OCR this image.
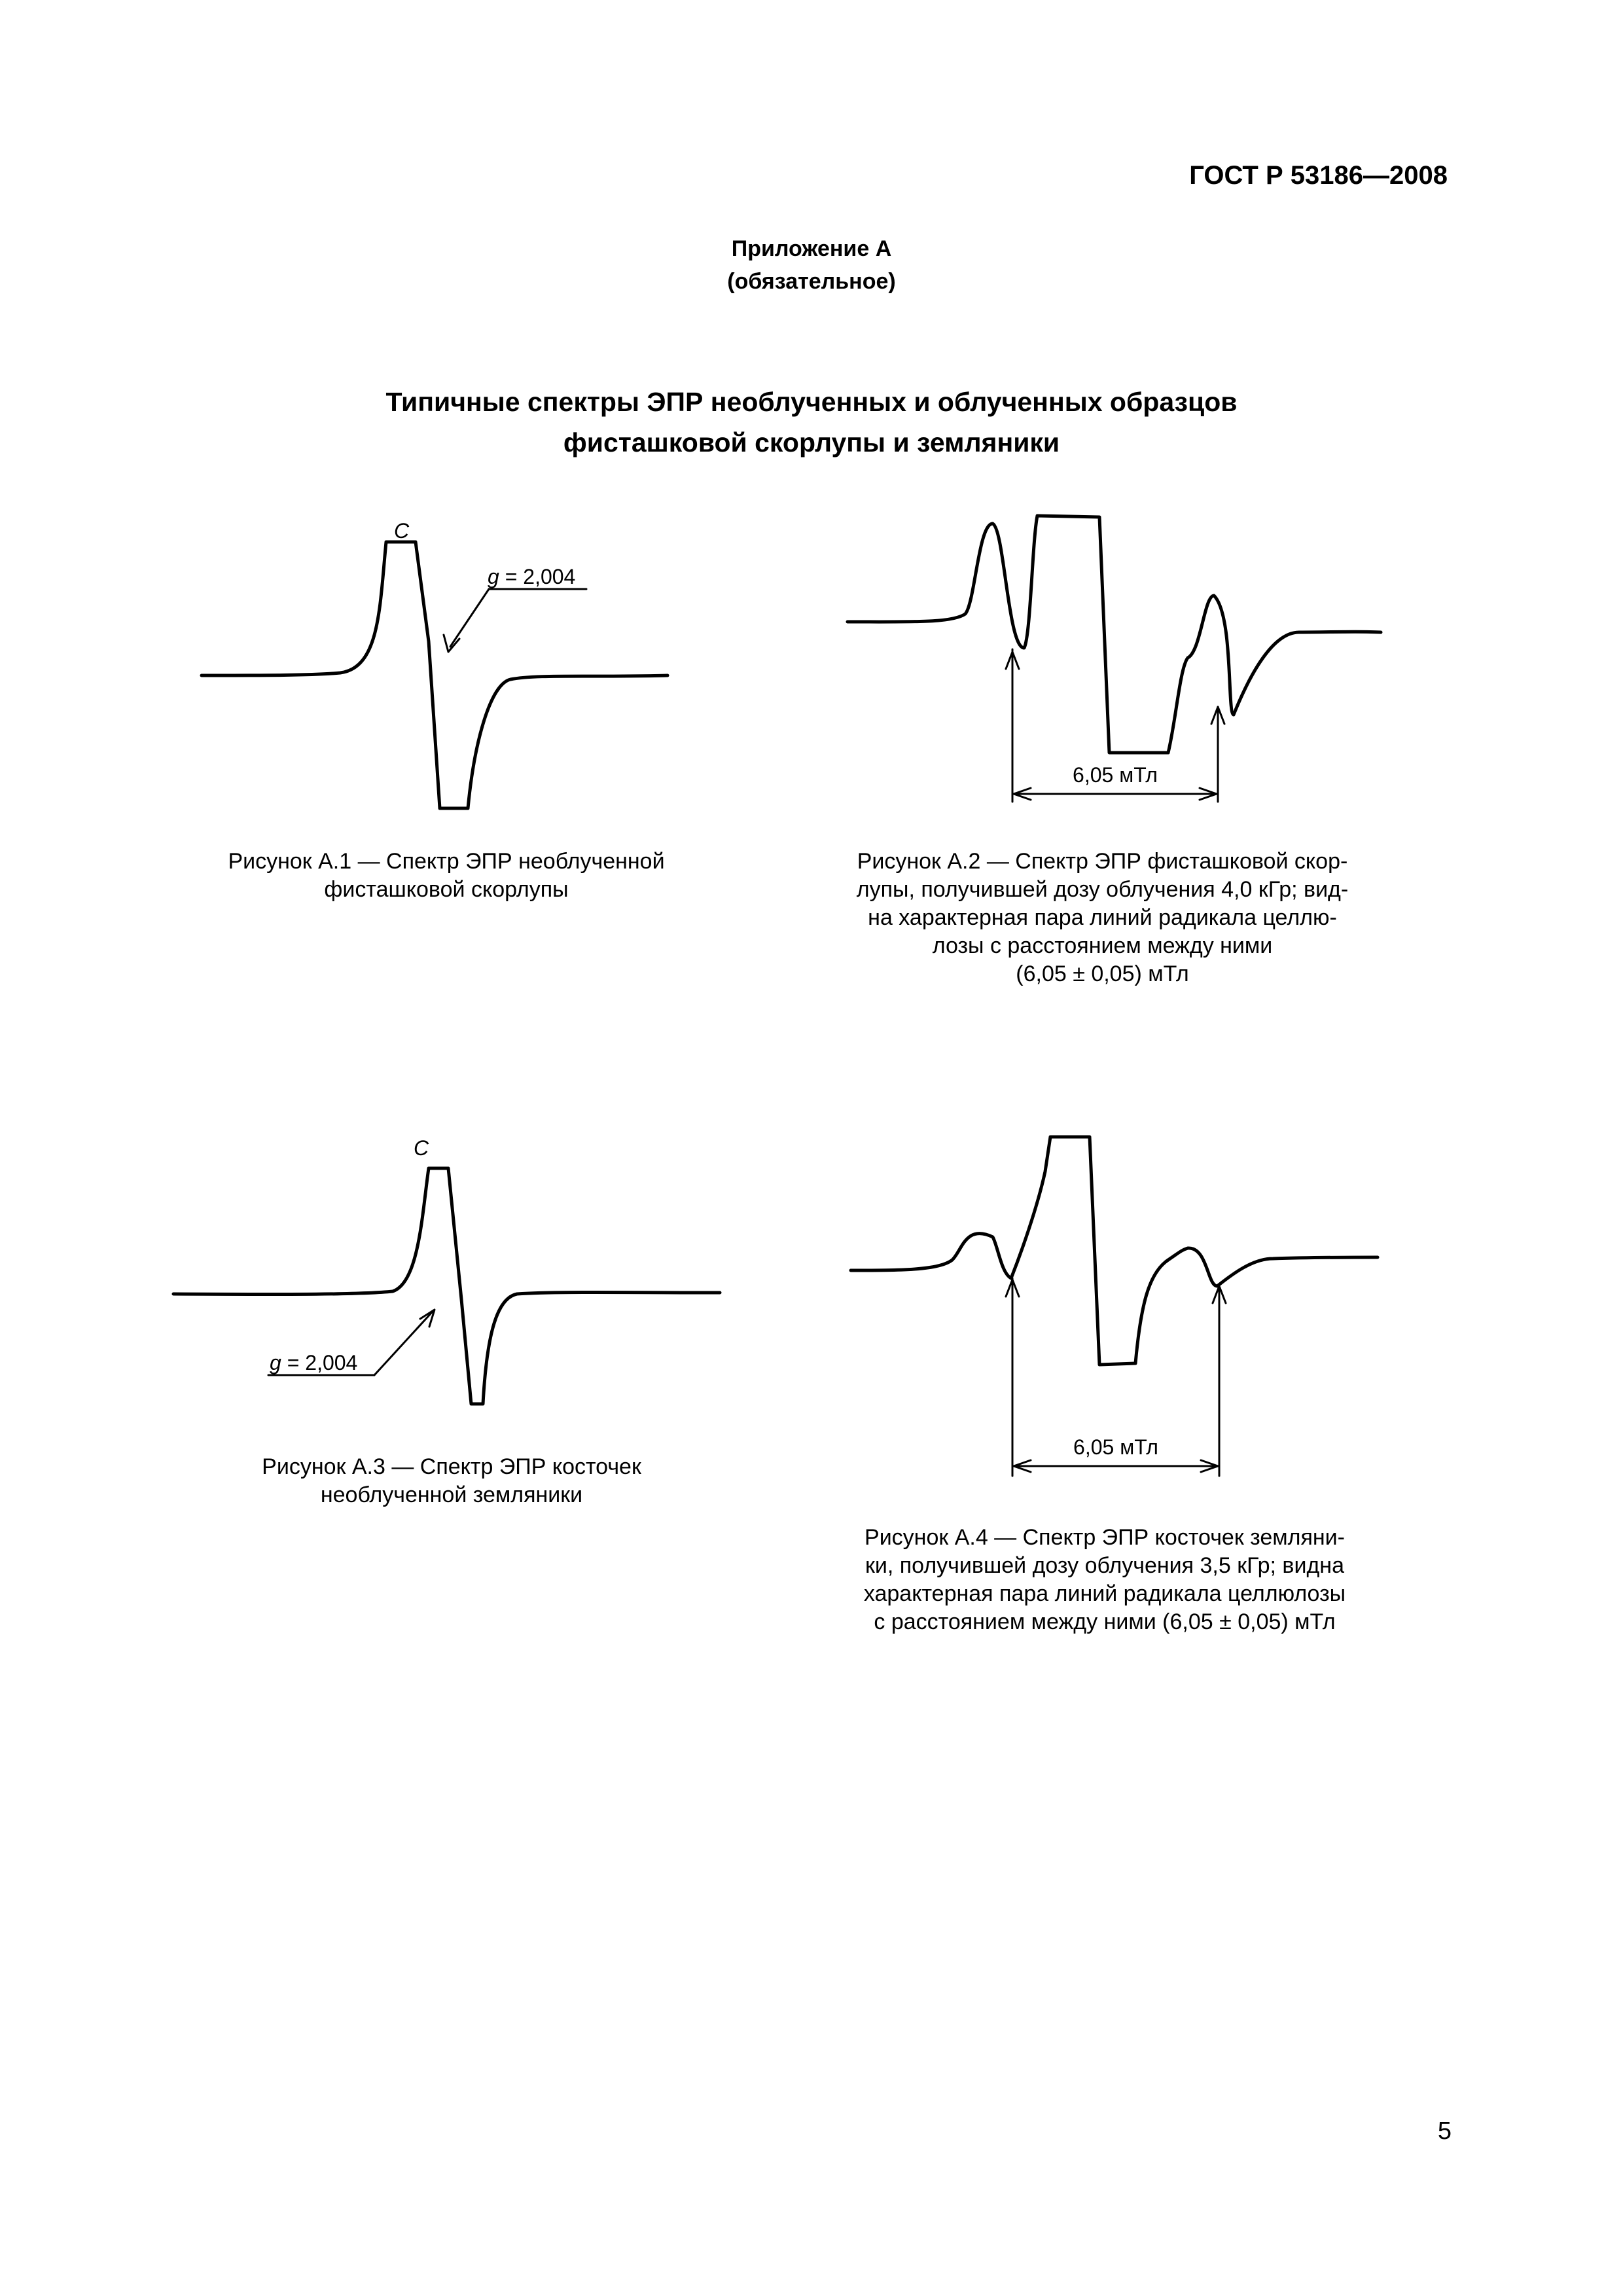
ГОСТ Р 53186—2008
Приложение А
(обязательное)
Типичные спектры ЭПР необлученных и облученных образцов
фисташковой скорлупы и земляники
C
g = 2,004
Рисунок А.1 — Спектр ЭПР необлученной
фисташковой скорлупы
6,05 мТл
Рисунок А.2 — Спектр ЭПР фисташковой скор-
лупы, получившей дозу облучения 4,0 кГр; вид-
на характерная пара линий радикала целлю-
лозы с расстоянием между ними
(6,05 ± 0,05) мТл
C
g = 2,004
Рисунок А.3 — Спектр ЭПР косточек
необлученной земляники
6,05 мТл
Рисунок А.4 — Спектр ЭПР косточек земляни-
ки, получившей дозу облучения 3,5 кГр; видна
характерная пара линий радикала целлюлозы
с расстоянием между ними (6,05 ± 0,05) мТл
5
